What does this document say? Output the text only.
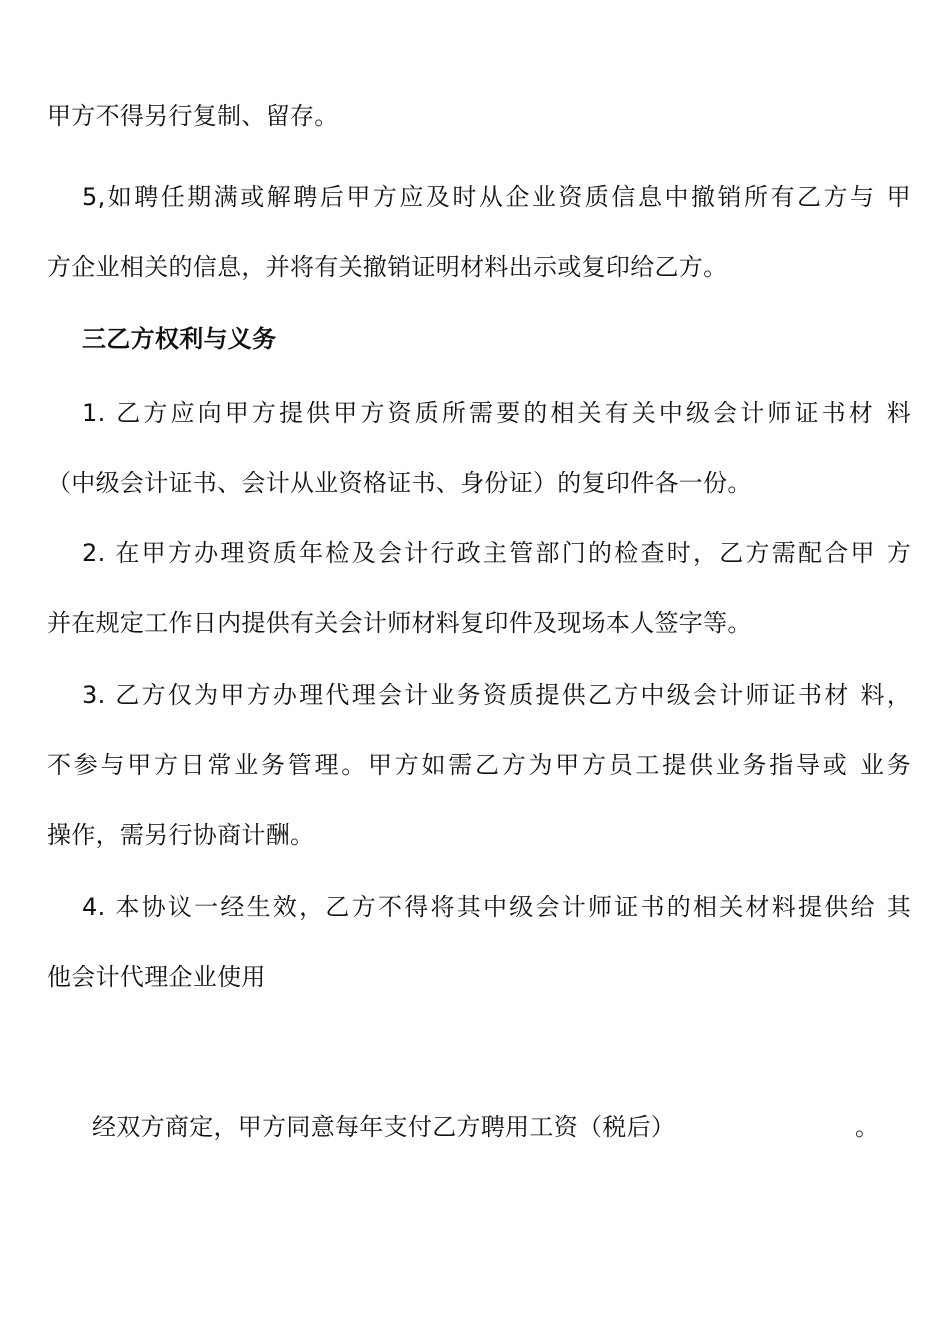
甲方不得另行复制、留存。
5,如聘任期满或解聘后甲方应及时从企业资质信息中撤销所有乙方与 甲
方企业相关的信息，并将有关撤销证明材料出示或复印给乙方。
三乙方权利与义务
1. 乙方应向甲方提供甲方资质所需要的相关有关中级会计师证书材 料
（中级会计证书、会计从业资格证书、身份证）的复印件各一份。
2. 在甲方办理资质年检及会计行政主管部门的检查时，乙方需配合甲 方
并在规定工作日内提供有关会计师材料复印件及现场本人签字等。
3. 乙方仅为甲方办理代理会计业务资质提供乙方中级会计师证书材 料，
不参与甲方日常业务管理。甲方如需乙方为甲方员工提供业务指导或 业务
操作，需另行协商计酬。
4. 本协议一经生效，乙方不得将其中级会计师证书的相关材料提供给 其
他会计代理企业使用
经双方商定，甲方同意每年支付乙方聘用工资（税后）	。
